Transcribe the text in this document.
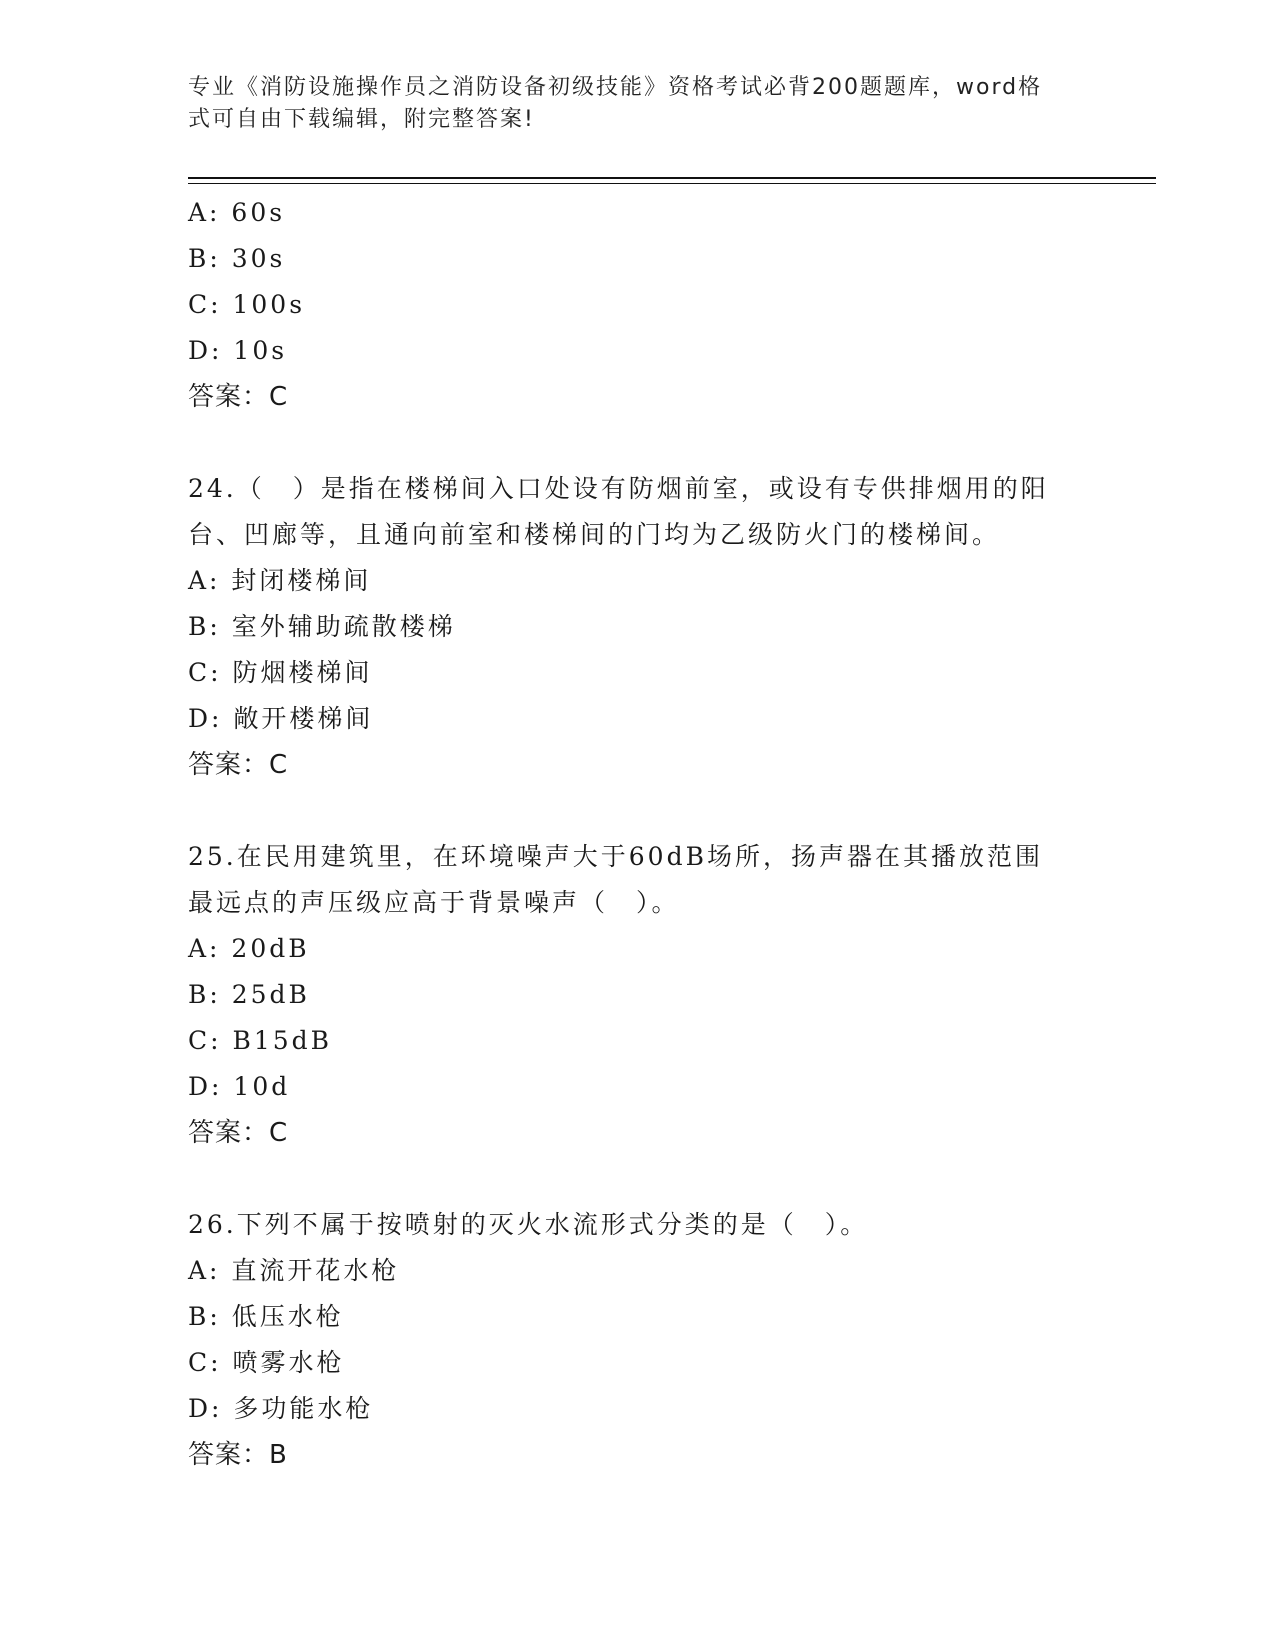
专业《消防设施操作员之消防设备初级技能》资格考试必背200题题库，word格
式可自由下载编辑，附完整答案!
A: 60s
B: 30s
C: 100s
D: 10s
答案：C
24.（　）是指在楼梯间入口处设有防烟前室，或设有专供排烟用的阳
台、凹廊等，且通向前室和楼梯间的门均为乙级防火门的楼梯间。
A: 封闭楼梯间
B: 室外辅助疏散楼梯
C: 防烟楼梯间
D: 敞开楼梯间
答案：C
25.在民用建筑里，在环境噪声大于60dB场所，扬声器在其播放范围
最远点的声压级应高于背景噪声（　）。
A: 20dB
B: 25dB
C: B15dB
D: 10d
答案：C
26.下列不属于按喷射的灭火水流形式分类的是（　）。
A: 直流开花水枪
B: 低压水枪
C: 喷雾水枪
D: 多功能水枪
答案：B
